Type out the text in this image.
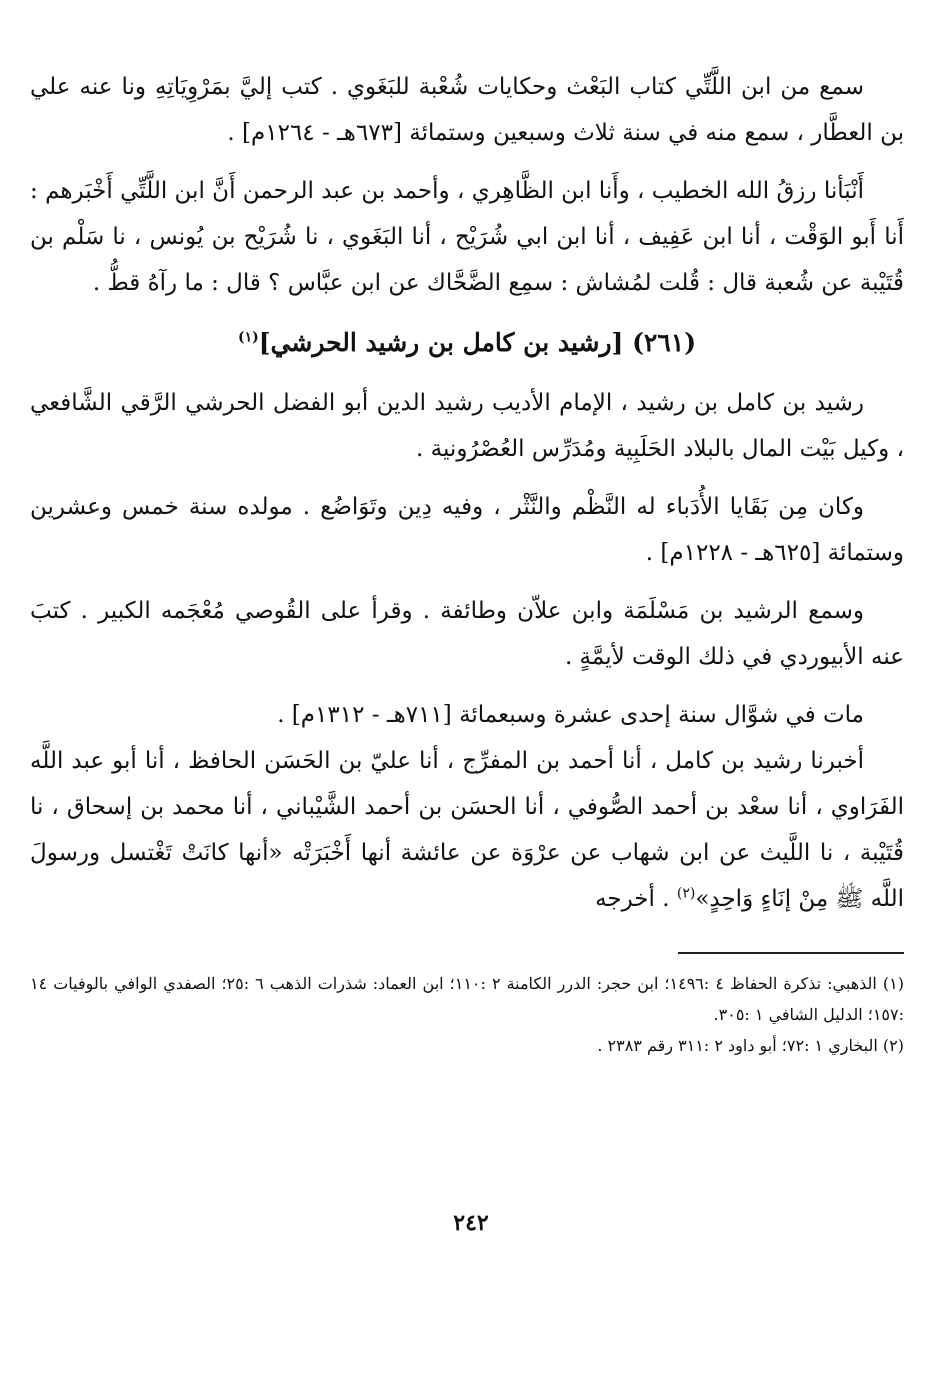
سمع من ابن اللَّتِّي كتاب البَعْث وحكايات شُعْبة للبَغَوي . كتب إليَّ بمَرْوِيَاتِهِ ونا عنه علي بن العطَّار ، سمع منه في سنة ثلاث وسبعين وستمائة [٦٧٣هـ - ١٢٦٤م] .

أَنْبَأنا رزقُ الله الخطيب ، وأَنا ابن الظَّاهِري ، وأحمد بن عبد الرحمن أَنَّ ابن اللَّتِّي أَخْبَرهم : أَنا أَبو الوَقْت ، أنا ابن عَفِيف ، أنا ابن ابي شُرَيْح ، أنا البَغَوي ، نا شُرَيْح بن يُونس ، نا سَلْم بن قُتَيْبة عن شُعبة قال : قُلت لمُشاش : سمِع الضَّحَّاك عن ابن عبَّاس ؟ قال : ما رآهُ قطُّ .

(٢٦١) [رشيد بن كامل بن رشيد الحرشي]$^{(١)}$

رشيد بن كامل بن رشيد ، الإمام الأديب رشيد الدين أبو الفضل الحرشي الرَّقي الشَّافعي ، وكيل بَيْت المال بالبلاد الحَلَبِية ومُدَرِّس العُصْرُونية .

وكان مِن بَقَايا الأُدَباء له النَّظْم والنَّثْر ، وفيه دِين وتَوَاضُع . مولده سنة خمس وعشرين وستمائة [٦٢٥هـ - ١٢٢٨م] .

وسمع الرشيد بن مَسْلَمَة وابن علاّن وطائفة . وقرأ على القُوصي مُعْجَمه الكبير . كتبَ عنه الأبيوردي في ذلك الوقت لأيمَّةٍ .

مات في شوَّال سنة إحدى عشرة وسبعمائة [٧١١هـ - ١٣١٢م] .

أخبرنا رشيد بن كامل ، أنا أحمد بن المفرِّج ، أنا عليّ بن الحَسَن الحافظ ، أنا أبو عبد اللَّه الفَرَاوي ، أنا سعْد بن أحمد الصُّوفي ، أنا الحسَن بن أحمد الشَّيْباني ، أنا محمد بن إسحاق ، نا قُتَيْبة ، نا اللَّيث عن ابن شهاب عن عرْوَة عن عائشة أنها أَخْبَرَتْه «أنها كانَتْ تَغْتسل ورسولَ اللَّه ﷺ مِنْ إنَاءٍ وَاحِدٍ»$^{(٢)}$ . أخرجه

(١) الذهبي: تذكرة الحفاظ ٤ :١٤٩٦؛ ابن حجر: الدرر الكامنة ٢ :١١٠؛ ابن العماد: شذرات الذهب ٦ :٢٥؛ الصفدي الوافي بالوفيات ١٤ :١٥٧؛ الدليل الشافي ١ :٣٠٥.

(٢) البخاري ١ :٧٢؛ أبو داود ٢ :٣١١ رقم ٢٣٨٣ .

٢٤٢
